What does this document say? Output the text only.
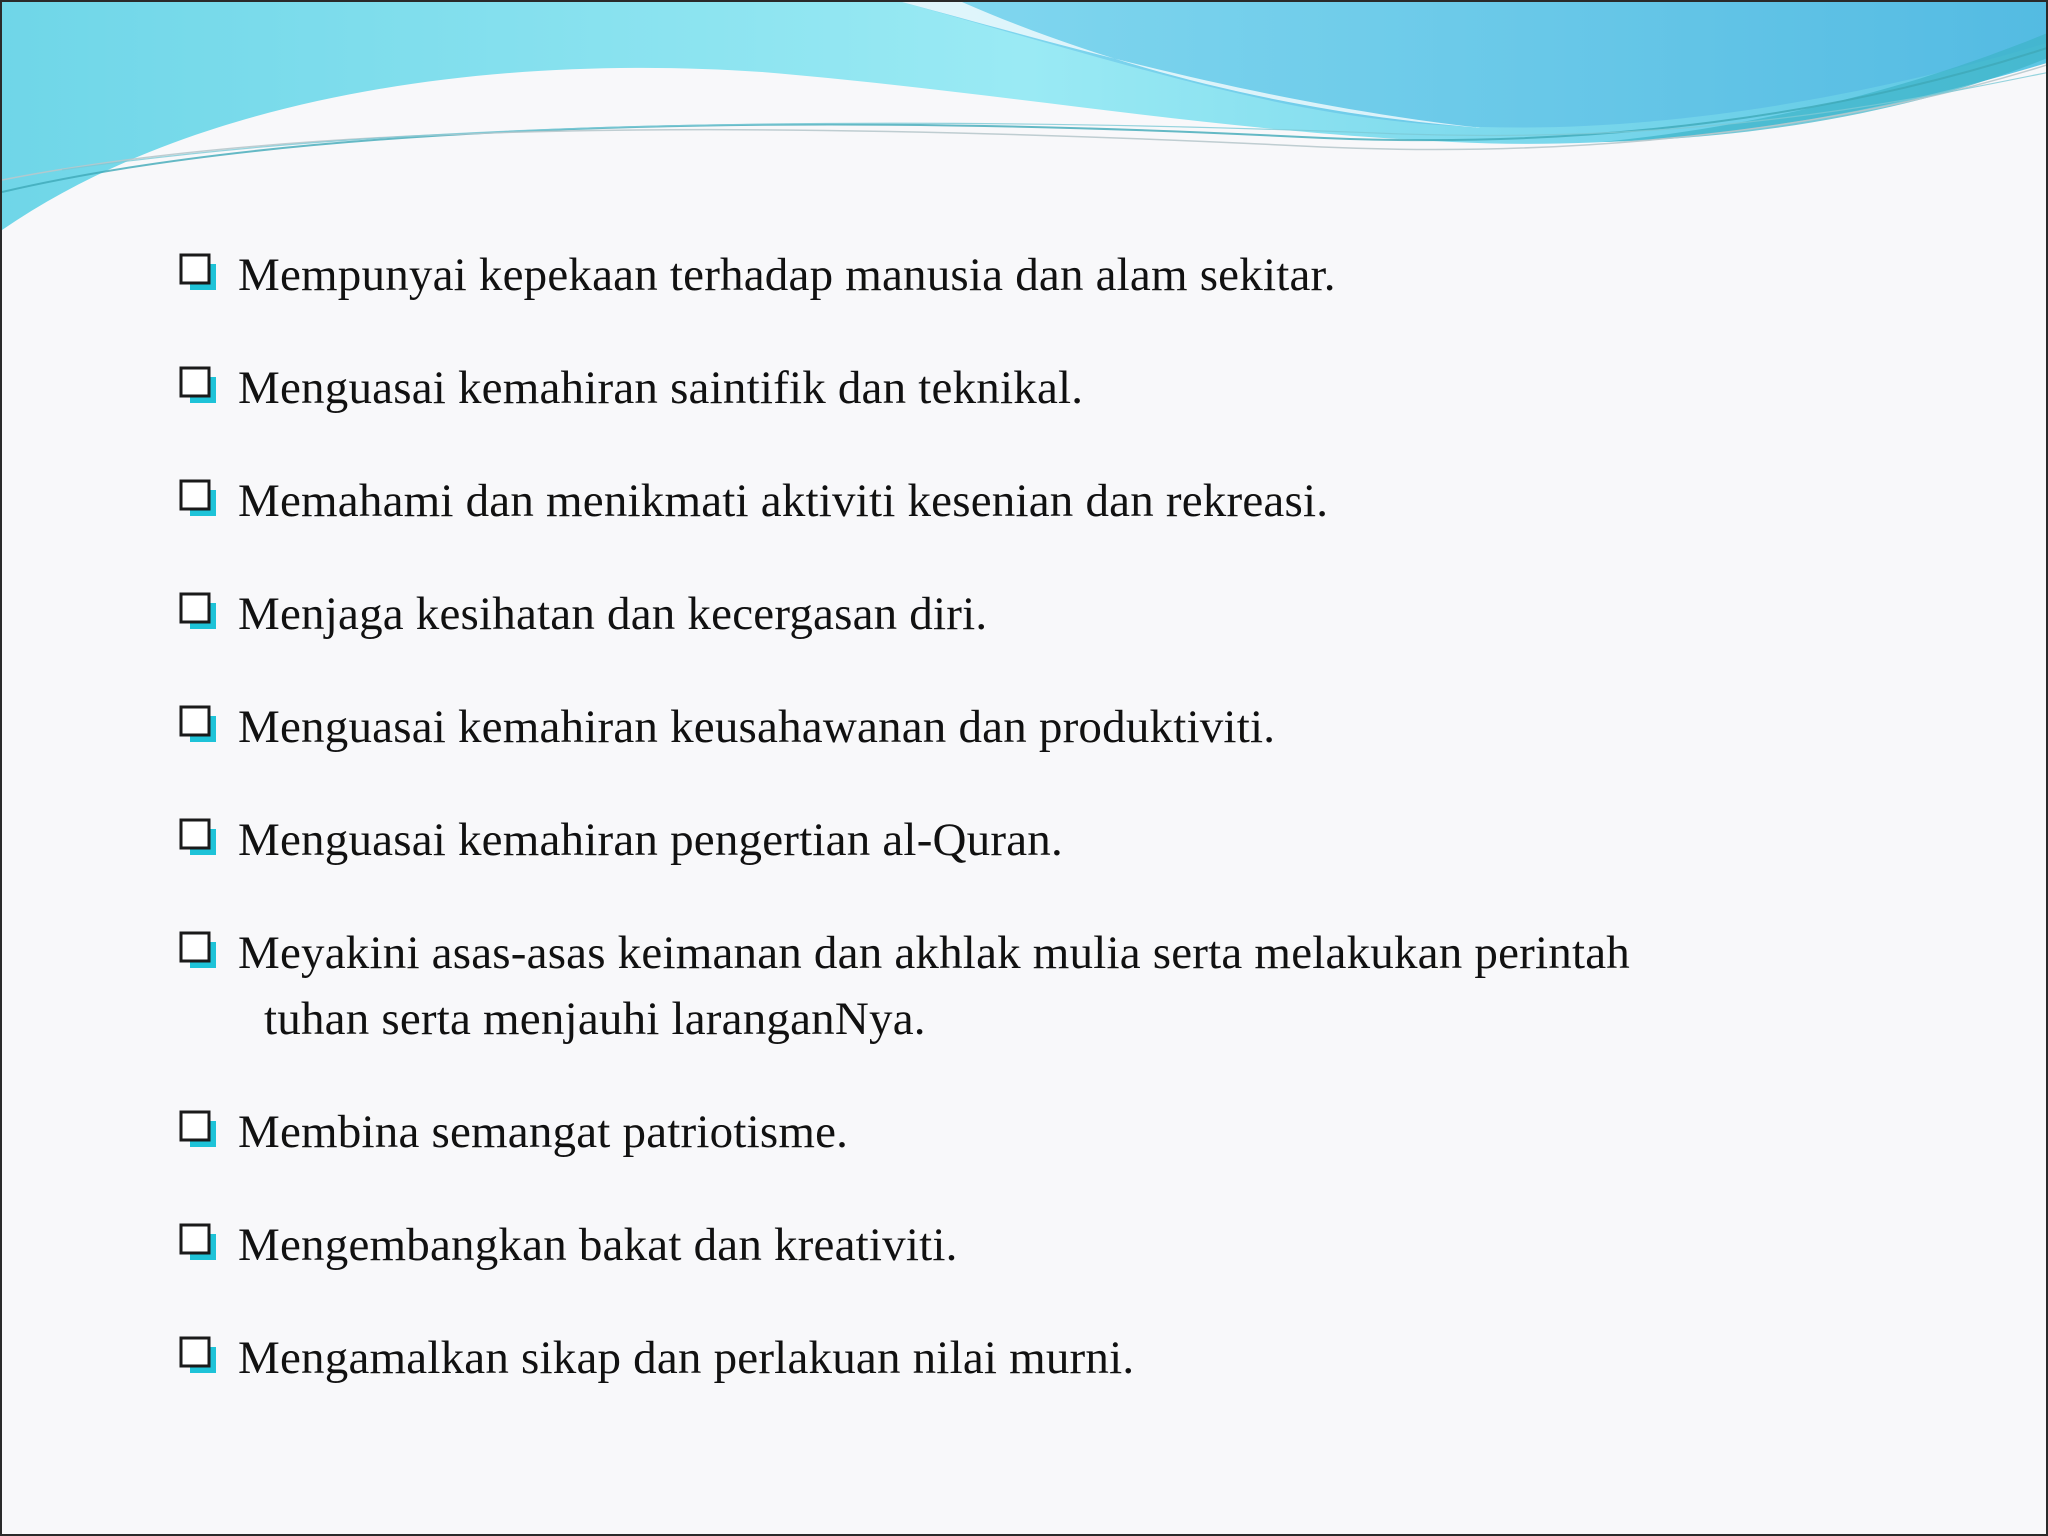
Mempunyai kepekaan terhadap manusia dan alam sekitar.
Menguasai kemahiran saintifik dan teknikal.
Memahami dan menikmati aktiviti kesenian dan rekreasi.
Menjaga kesihatan dan kecergasan diri.
Menguasai kemahiran keusahawanan dan produktiviti.
Menguasai kemahiran pengertian al-Quran.
Meyakini asas-asas keimanan dan akhlak mulia serta melakukan perintah
tuhan serta menjauhi laranganNya.
Membina semangat patriotisme.
Mengembangkan bakat dan kreativiti.
Mengamalkan sikap dan perlakuan nilai murni.
